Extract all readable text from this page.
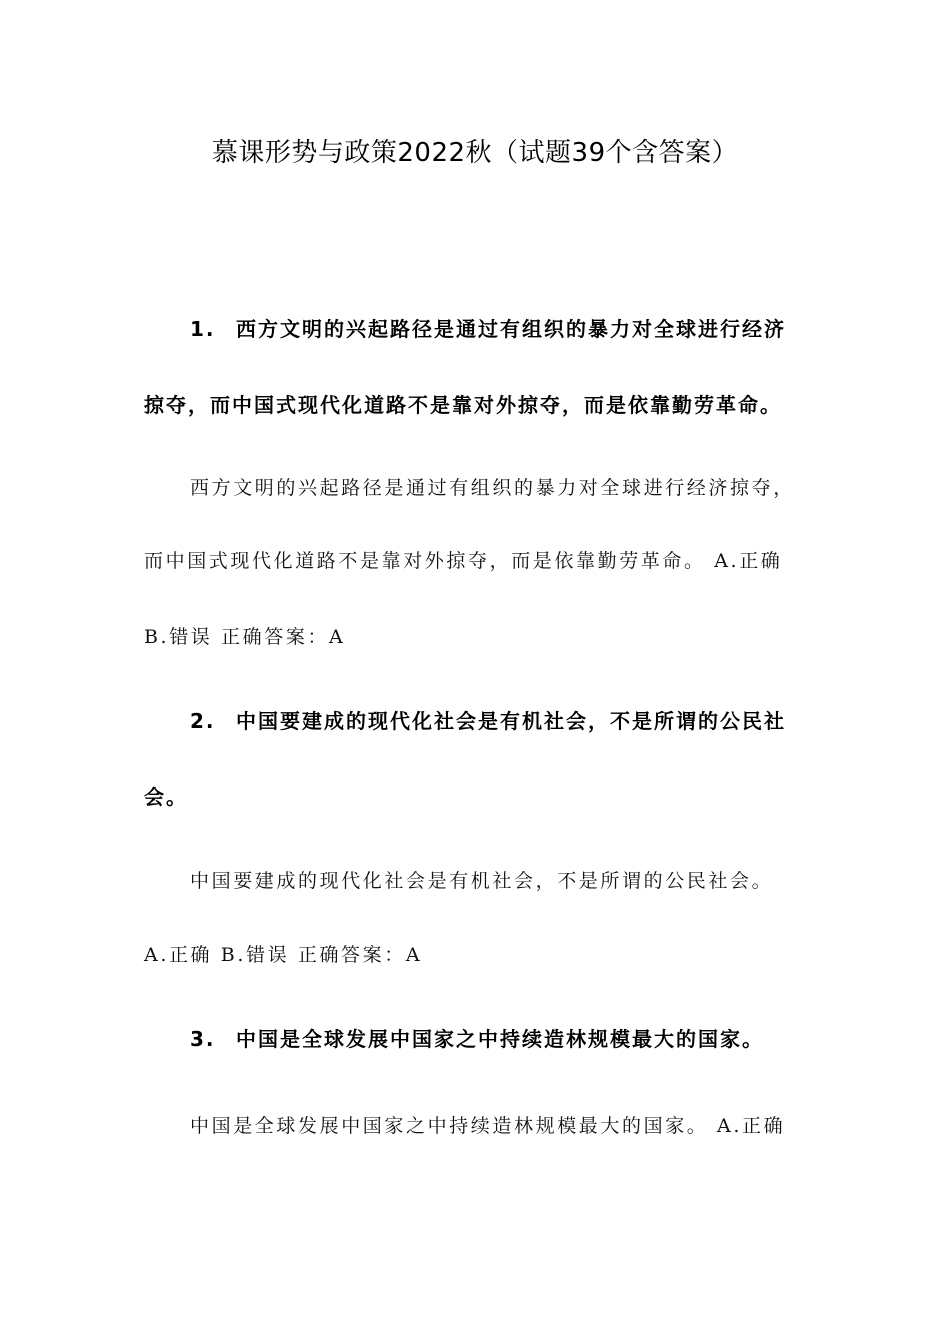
慕课形势与政策2022秋（试题39个含答案）
1. 西方文明的兴起路径是通过有组织的暴力对全球进行经济
掠夺，而中国式现代化道路不是靠对外掠夺，而是依靠勤劳革命。
西方文明的兴起路径是通过有组织的暴力对全球进行经济掠夺，
而中国式现代化道路不是靠对外掠夺，而是依靠勤劳革命。 A.正确
B.错误 正确答案：A
2. 中国要建成的现代化社会是有机社会，不是所谓的公民社
会。
中国要建成的现代化社会是有机社会，不是所谓的公民社会。
A.正确 B.错误 正确答案：A
3. 中国是全球发展中国家之中持续造林规模最大的国家。
中国是全球发展中国家之中持续造林规模最大的国家。 A.正确
